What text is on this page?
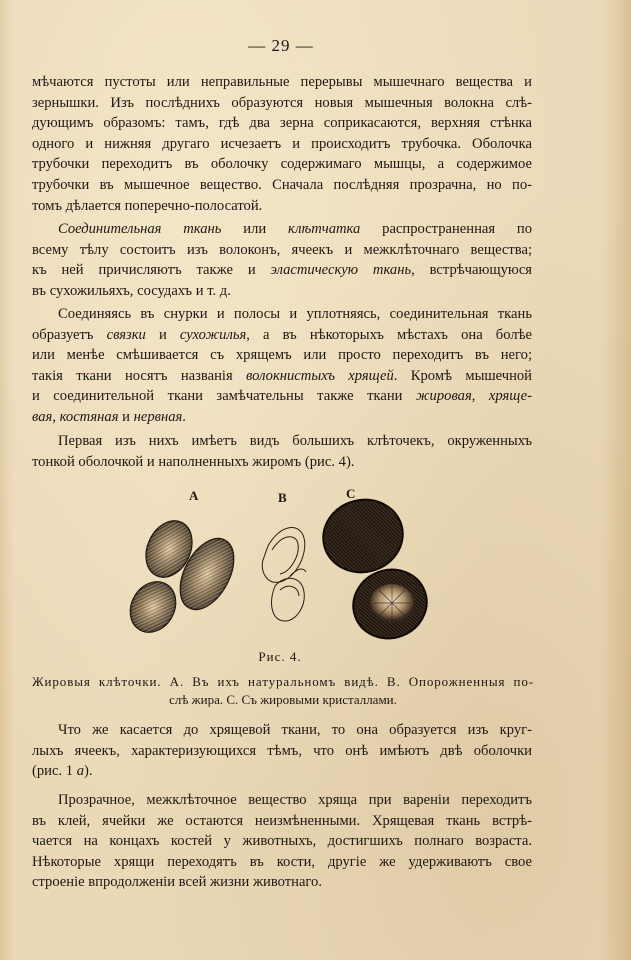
— 29 —
мѣчаются пустоты или неправильные перерывы мышечнаго вещества и
зернышки. Изъ послѣднихъ образуются новыя мышечныя волокна слѣ-
дующимъ образомъ: тамъ, гдѣ два зерна соприкасаются, верхняя стѣнка
одного и нижняя другаго исчезаетъ и происходитъ трубочка. Оболочка
трубочки переходитъ въ оболочку содержимаго мышцы, а содержимое
трубочки въ мышечное вещество. Сначала послѣдняя прозрачна, но по-
томъ дѣлается поперечно-полосатой.
Соединительная ткань или клѣтчатка распространенная по
всему тѣлу состоитъ изъ волоконъ, ячеекъ и межклѣточнаго вещества;
къ ней причисляютъ также и эластическую ткань, встрѣчающуюся
въ сухожильяхъ, сосудахъ и т. д.
Соединяясь въ снурки и полосы и уплотняясь, соединительная ткань
образуетъ связки и сухожилья, а въ нѣкоторыхъ мѣстахъ она болѣе
или менѣе смѣшивается съ хрящемъ или просто переходитъ въ него;
такія ткани носятъ названія волокнистыхъ хрящей. Кромѣ мышечной
и соединительной ткани замѣчательны также ткани жировая, хряще-
вая, костяная и нервная.
Первая изъ нихъ имѣетъ видъ большихъ клѣточекъ, окруженныхъ
тонкой оболочкой и наполненныхъ жиромъ (рис. 4).
A	B	C
Рис. 4.
Жировыя клѣточки. А. Въ ихъ натуральномъ видѣ. B. Опорожненныя по-
слѣ жира. C. Съ жировыми кристаллами.
Что же касается до хрящевой ткани, то она образуется изъ круг-
лыхъ ячеекъ, характеризующихся тѣмъ, что онѣ имѣютъ двѣ оболочки
(рис. 1 a).
Прозрачное, межклѣточное вещество хряща при вареніи переходитъ
въ клей, ячейки же остаются неизмѣненными. Хрящевая ткань встрѣ-
чается на концахъ костей у животныхъ, достигшихъ полнаго возраста.
Нѣкоторые хрящи переходятъ въ кости, другіе же удерживаютъ свое
строеніе впродолженіи всей жизни животнаго.
